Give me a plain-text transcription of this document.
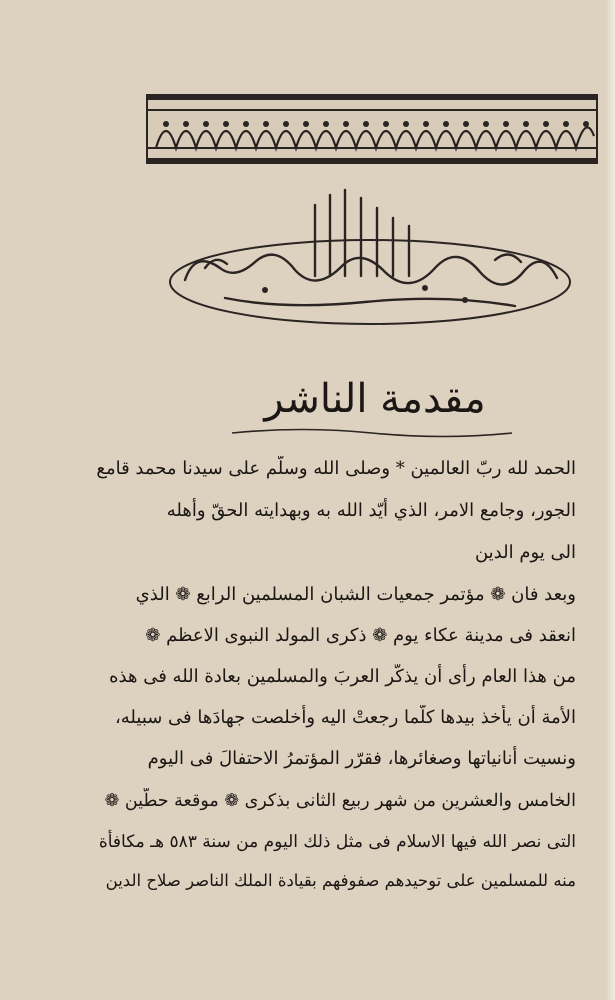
مقدمة الناشر
الحمد لله ربّ العالمين * وصلى الله وسلّم على سيدنا محمد قامع
الجور، وجامع الامر، الذي أيّد الله به وبهدايته الحقّ وأهله
الى يوم الدين
وبعد فان ❁ مؤتمر جمعيات الشبان المسلمين الرابع ❁ الذي
انعقد فى مدينة عكاء يوم ❁ ذكرى المولد النبوى الاعظم ❁
من هذا العام رأى أن يذكّر العربَ والمسلمين بعادة الله فى هذه
الأمة أن يأخذ بيدها كلّما رجعتْ اليه وأخلصت جهادَها فى سبيله،
ونسيت أنانياتها وصغائرها، فقرّر المؤتمرُ الاحتفالَ فى اليوم
الخامس والعشرين من شهر ربيع الثانى بذكرى ❁ موقعة حطّين ❁
التى نصر الله فيها الاسلام فى مثل ذلك اليوم من سنة ٥٨٣ هـ مكافأة
منه للمسلمين على توحيدهم صفوفهم بقيادة الملك الناصر صلاح الدين
